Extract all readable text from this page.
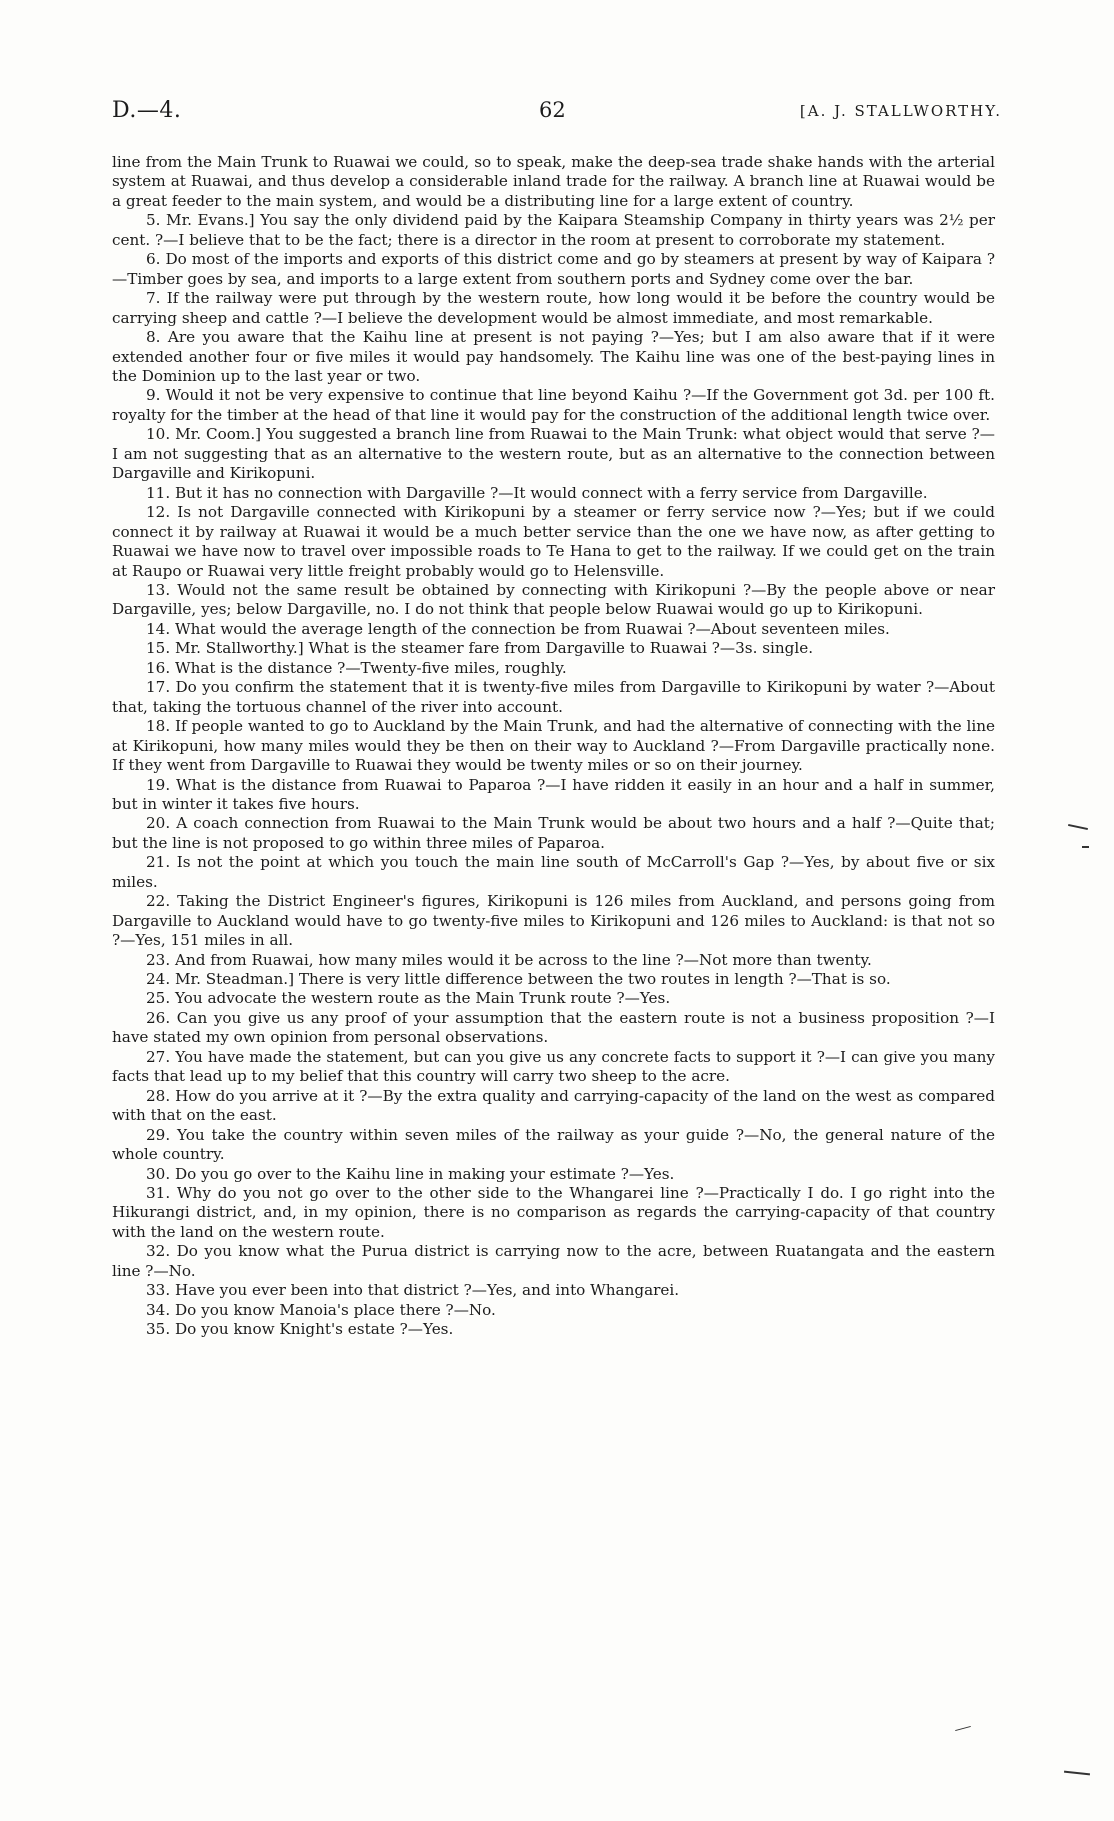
D.—4.	62	[A. J. STALLWORTHY.

line from the Main Trunk to Ruawai we could, so to speak, make the deep-sea trade shake hands with the arterial system at Ruawai, and thus develop a considerable inland trade for the railway. A branch line at Ruawai would be a great feeder to the main system, and would be a distributing line for a large extent of country.

5. Mr. Evans.] You say the only dividend paid by the Kaipara Steamship Company in thirty years was 2½ per cent. ?—I believe that to be the fact; there is a director in the room at present to corroborate my statement.

6. Do most of the imports and exports of this district come and go by steamers at present by way of Kaipara ?—Timber goes by sea, and imports to a large extent from southern ports and Sydney come over the bar.

7. If the railway were put through by the western route, how long would it be before the country would be carrying sheep and cattle ?—I believe the development would be almost immediate, and most remarkable.

8. Are you aware that the Kaihu line at present is not paying ?—Yes; but I am also aware that if it were extended another four or five miles it would pay handsomely. The Kaihu line was one of the best-paying lines in the Dominion up to the last year or two.

9. Would it not be very expensive to continue that line beyond Kaihu ?—If the Government got 3d. per 100 ft. royalty for the timber at the head of that line it would pay for the construction of the additional length twice over.

10. Mr. Coom.] You suggested a branch line from Ruawai to the Main Trunk: what object would that serve ?—I am not suggesting that as an alternative to the western route, but as an alternative to the connection between Dargaville and Kirikopuni.

11. But it has no connection with Dargaville ?—It would connect with a ferry service from Dargaville.

12. Is not Dargaville connected with Kirikopuni by a steamer or ferry service now ?—Yes; but if we could connect it by railway at Ruawai it would be a much better service than the one we have now, as after getting to Ruawai we have now to travel over impossible roads to Te Hana to get to the railway. If we could get on the train at Raupo or Ruawai very little freight probably would go to Helensville.

13. Would not the same result be obtained by connecting with Kirikopuni ?—By the people above or near Dargaville, yes; below Dargaville, no. I do not think that people below Ruawai would go up to Kirikopuni.

14. What would the average length of the connection be from Ruawai ?—About seventeen miles.

15. Mr. Stallworthy.] What is the steamer fare from Dargaville to Ruawai ?—3s. single.

16. What is the distance ?—Twenty-five miles, roughly.

17. Do you confirm the statement that it is twenty-five miles from Dargaville to Kirikopuni by water ?—About that, taking the tortuous channel of the river into account.

18. If people wanted to go to Auckland by the Main Trunk, and had the alternative of connecting with the line at Kirikopuni, how many miles would they be then on their way to Auckland ?—From Dargaville practically none. If they went from Dargaville to Ruawai they would be twenty miles or so on their journey.

19. What is the distance from Ruawai to Paparoa ?—I have ridden it easily in an hour and a half in summer, but in winter it takes five hours.

20. A coach connection from Ruawai to the Main Trunk would be about two hours and a half ?—Quite that; but the line is not proposed to go within three miles of Paparoa.

21. Is not the point at which you touch the main line south of McCarroll's Gap ?—Yes, by about five or six miles.

22. Taking the District Engineer's figures, Kirikopuni is 126 miles from Auckland, and persons going from Dargaville to Auckland would have to go twenty-five miles to Kirikopuni and 126 miles to Auckland: is that not so ?—Yes, 151 miles in all.

23. And from Ruawai, how many miles would it be across to the line ?—Not more than twenty.

24. Mr. Steadman.] There is very little difference between the two routes in length ?—That is so.

25. You advocate the western route as the Main Trunk route ?—Yes.

26. Can you give us any proof of your assumption that the eastern route is not a business proposition ?—I have stated my own opinion from personal observations.

27. You have made the statement, but can you give us any concrete facts to support it ?—I can give you many facts that lead up to my belief that this country will carry two sheep to the acre.

28. How do you arrive at it ?—By the extra quality and carrying-capacity of the land on the west as compared with that on the east.

29. You take the country within seven miles of the railway as your guide ?—No, the general nature of the whole country.

30. Do you go over to the Kaihu line in making your estimate ?—Yes.

31. Why do you not go over to the other side to the Whangarei line ?—Practically I do. I go right into the Hikurangi district, and, in my opinion, there is no comparison as regards the carrying-capacity of that country with the land on the western route.

32. Do you know what the Purua district is carrying now to the acre, between Ruatangata and the eastern line ?—No.

33. Have you ever been into that district ?—Yes, and into Whangarei.

34. Do you know Manoia's place there ?—No.

35. Do you know Knight's estate ?—Yes.
